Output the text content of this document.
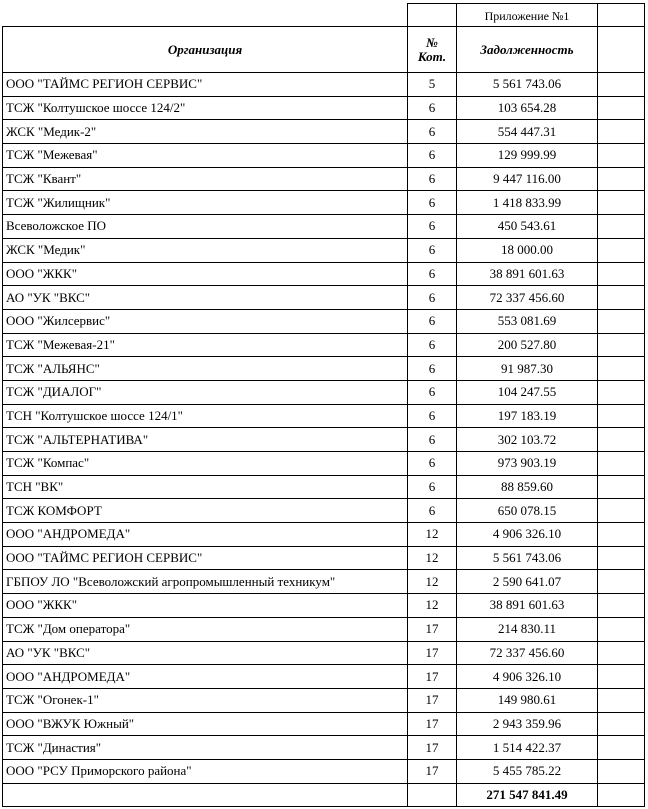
		Приложение №1	
Организация	№
Кот.	Задолженность	
ООО "ТАЙМС РЕГИОН СЕРВИС"	5	5 561 743.06	
ТСЖ "Колтушское шоссе 124/2"	6	103 654.28	
ЖСК "Медик-2"	6	554 447.31	
ТСЖ "Межевая"	6	129 999.99	
ТСЖ "Квант"	6	9 447 116.00	
ТСЖ "Жилищник"	6	1 418 833.99	
Всеволожское ПО	6	450 543.61	
ЖСК "Медик"	6	18 000.00	
ООО "ЖКК"	6	38 891 601.63	
АО "УК "ВКС"	6	72 337 456.60	
ООО "Жилсервис"	6	553 081.69	
ТСЖ "Межевая-21"	6	200 527.80	
ТСЖ "АЛЬЯНС"	6	91 987.30	
ТСЖ "ДИАЛОГ"	6	104 247.55	
ТСН "Колтушское шоссе 124/1"	6	197 183.19	
ТСЖ "АЛЬТЕРНАТИВА"	6	302 103.72	
ТСЖ "Компас"	6	973 903.19	
ТСН "ВК"	6	88 859.60	
ТСЖ КОМФОРТ	6	650 078.15	
ООО "АНДРОМЕДА"	12	4 906 326.10	
ООО "ТАЙМС РЕГИОН СЕРВИС"	12	5 561 743.06	
ГБПОУ ЛО "Всеволожский агропромышленный техникум"	12	2 590 641.07	
ООО "ЖКК"	12	38 891 601.63	
ТСЖ "Дом оператора"	17	214 830.11	
АО "УК "ВКС"	17	72 337 456.60	
ООО "АНДРОМЕДА"	17	4 906 326.10	
ТСЖ "Огонек-1"	17	149 980.61	
ООО "ВЖУК Южный"	17	2 943 359.96	
ТСЖ "Династия"	17	1 514 422.37	
ООО "РСУ Приморского района"	17	5 455 785.22	
		271 547 841.49	
